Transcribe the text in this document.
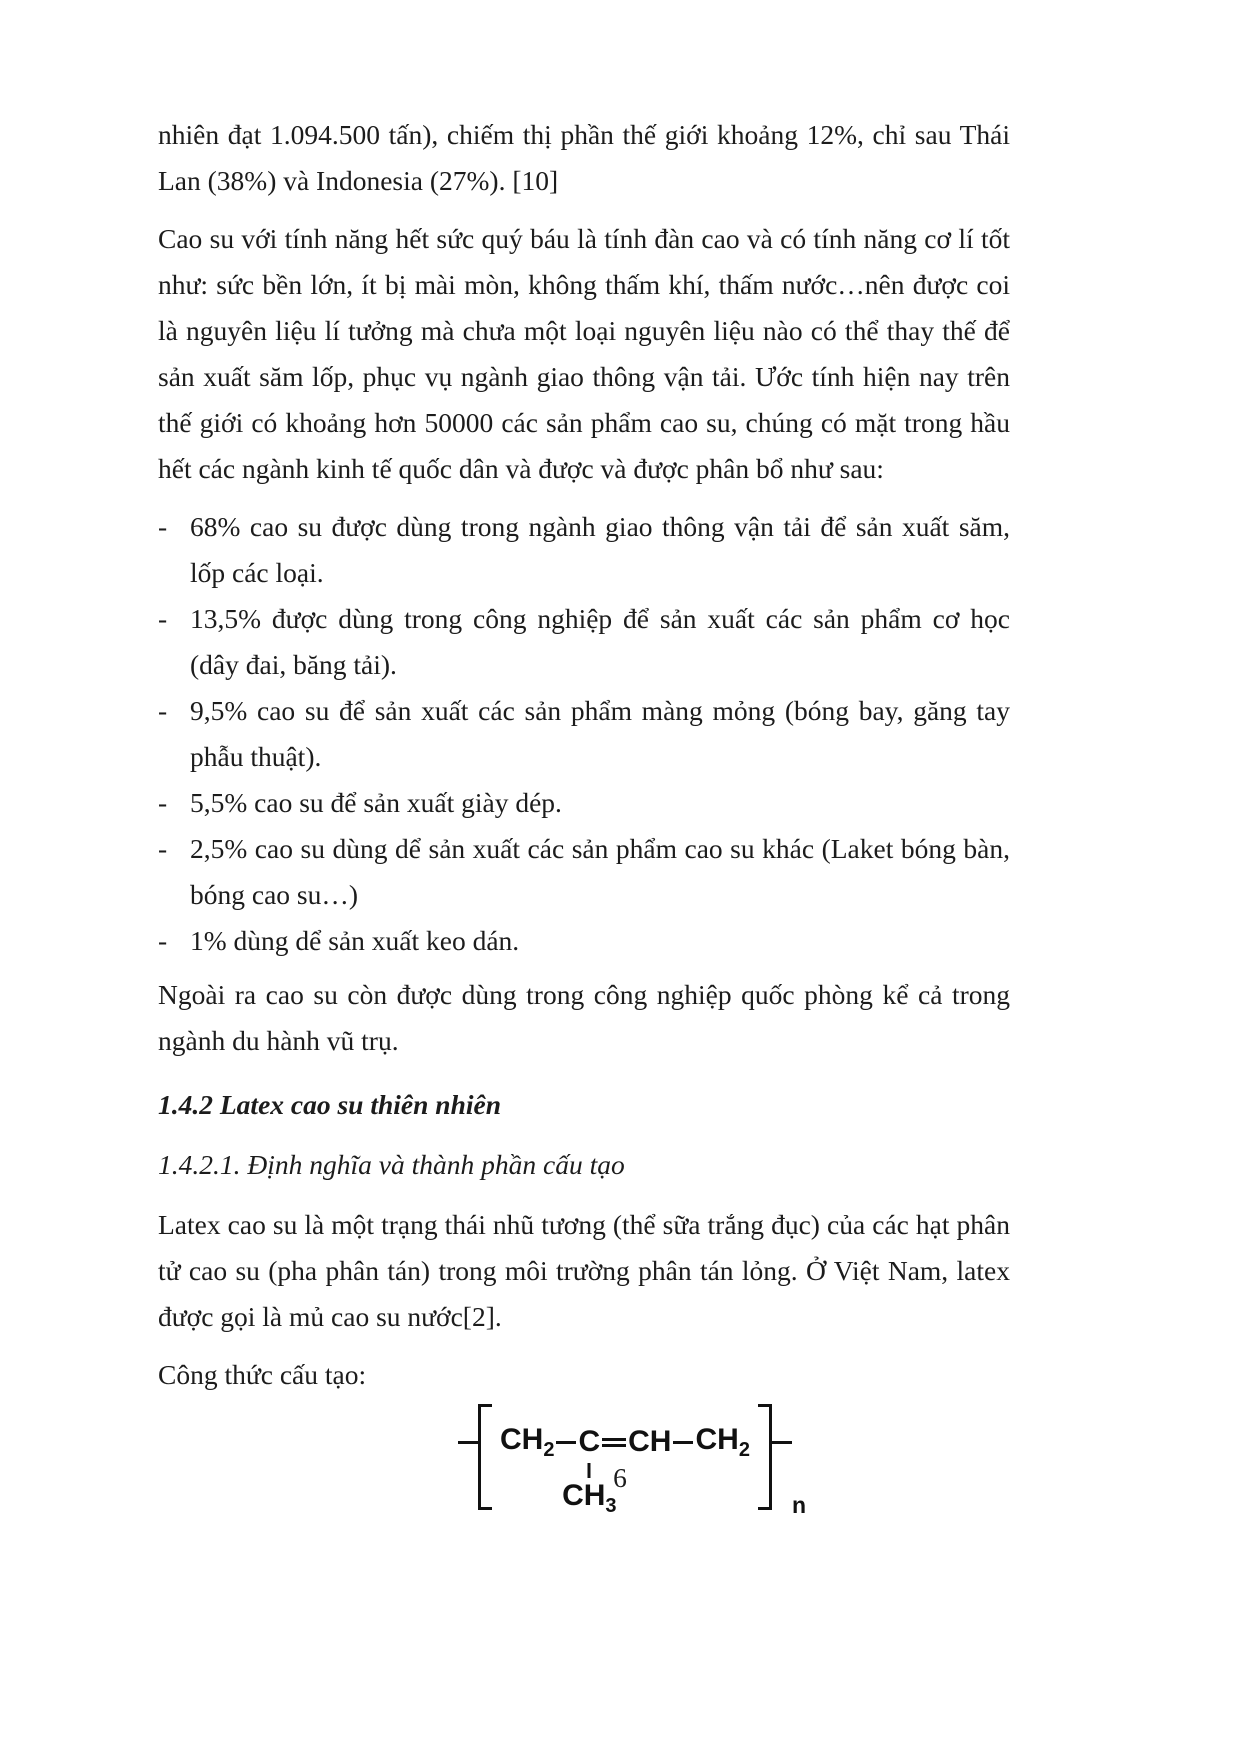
nhiên đạt 1.094.500 tấn), chiếm thị phần thế giới khoảng 12%, chỉ sau Thái Lan (38%) và Indonesia (27%). [10]

Cao su với tính năng hết sức quý báu là tính đàn cao và có tính năng cơ lí tốt như: sức bền lớn, ít bị mài mòn, không thấm khí, thấm nước…nên được coi là nguyên liệu lí tưởng mà chưa một loại nguyên liệu nào có thể thay thế để sản xuất săm lốp, phục vụ ngành giao thông vận tải. Ước tính hiện nay trên thế giới có khoảng hơn 50000 các sản phẩm cao su, chúng có mặt trong hầu hết các ngành kinh tế quốc dân và được và được phân bổ như sau:

- 68% cao su được dùng trong ngành giao thông vận tải để sản xuất săm, lốp các loại.
- 13,5% được dùng trong công nghiệp để sản xuất các sản phẩm cơ học (dây đai, băng tải).
- 9,5% cao su để sản xuất các sản phẩm màng mỏng (bóng bay, găng tay phẫu thuật).
- 5,5% cao su để sản xuất giày dép.
- 2,5% cao su dùng dể sản xuất các sản phẩm cao su khác (Laket bóng bàn, bóng cao su…)
- 1% dùng dể sản xuất keo dán.

Ngoài ra cao su còn được dùng trong công nghiệp quốc phòng kể cả trong ngành du hành vũ trụ.

1.4.2 Latex cao su thiên nhiên
1.4.2.1. Định nghĩa và thành phần cấu tạo

Latex cao su là một trạng thái nhũ tương (thể sữa trắng đục) của các hạt phân tử cao su (pha phân tán) trong môi trường phân tán lỏng. Ở Việt Nam, latex được gọi là mủ cao su nước[2].

Công thức cấu tạo:

$CH_2$ C
$CH_3$
CH $CH_2$
n
6
